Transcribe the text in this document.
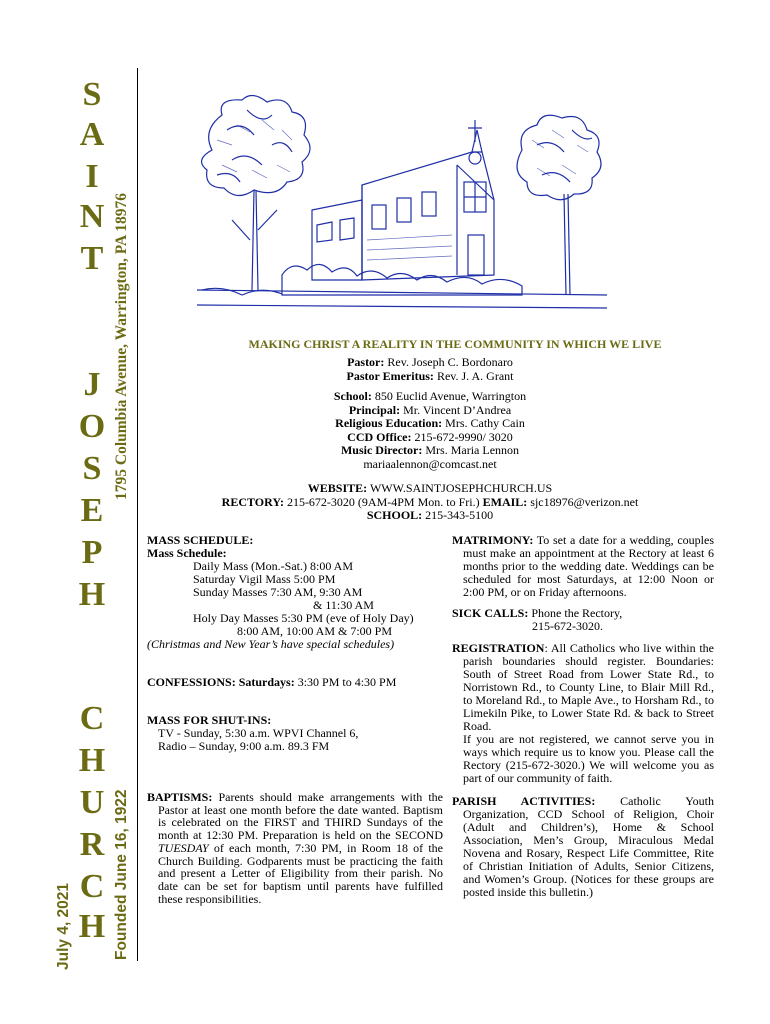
S
A
I
N
T
J
O
S
E
P
H
C
H
U
R
C
H
1795 Columbia Avenue, Warrington, PA 18976
Founded June 16, 1922
July 4, 2021
MAKING CHRIST A REALITY IN THE COMMUNITY IN WHICH WE LIVE
Pastor: Rev. Joseph C. Bordonaro
Pastor Emeritus: Rev. J. A. Grant
School: 850 Euclid Avenue, Warrington
Principal: Mr. Vincent D’Andrea
Religious Education: Mrs. Cathy Cain
CCD Office: 215-672-9990/ 3020
Music Director: Mrs. Maria Lennon
mariaalennon@comcast.net
WEBSITE: WWW.SAINTJOSEPHCHURCH.US
RECTORY: 215-672-3020 (9AM-4PM Mon. to Fri.) EMAIL: sjc18976@verizon.net
SCHOOL: 215-343-5100
MASS SCHEDULE:
Mass Schedule:
Daily Mass (Mon.-Sat.) 8:00 AM
Saturday Vigil Mass 5:00 PM
Sunday Masses 7:30 AM, 9:30 AM
& 11:30 AM
Holy Day Masses 5:30 PM (eve of Holy Day)
8:00 AM, 10:00 AM & 7:00 PM
(Christmas and New Year’s have special schedules)
CONFESSIONS: Saturdays: 3:30 PM to 4:30 PM
MASS FOR SHUT-INS:
TV - Sunday, 5:30 a.m. WPVI Channel 6,
Radio – Sunday, 9:00 a.m. 89.3 FM

BAPTISMS: Parents should make arrangements with the Pastor at least one month before the date wanted. Baptism is celebrated on the FIRST and THIRD Sundays of the month at 12:30 PM. Preparation is held on the SECOND TUESDAY of each month, 7:30 PM, in Room 18 of the Church Building. Godparents must be practicing the faith and present a Letter of Eligibility from their parish. No date can be set for baptism until parents have fulfilled these responsibilities.

MATRIMONY: To set a date for a wedding, couples must make an appointment at the Rectory at least 6 months prior to the wedding date. Weddings can be scheduled for most Saturdays, at 12:00 Noon or 2:00 PM, or on Friday afternoons.

SICK CALLS: Phone the Rectory,

215-672-3020.

REGISTRATION: All Catholics who live within the parish boundaries should register. Boundaries: South of Street Road from Lower State Rd., to Norristown Rd., to County Line, to Blair Mill Rd., to Moreland Rd., to Maple Ave., to Horsham Rd., to Limekiln Pike, to Lower State Rd. & back to Street Road.

If you are not registered, we cannot serve you in ways which require us to know you. Please call the Rectory (215-672-3020.) We will welcome you as part of our community of faith.

PARISH ACTIVITIES: Catholic Youth Organization, CCD School of Religion, Choir (Adult and Children’s), Home & School Association, Men’s Group, Miraculous Medal Novena and Rosary, Respect Life Committee, Rite of Christian Initiation of Adults, Senior Citizens, and Women’s Group. (Notices for these groups are posted inside this bulletin.)
